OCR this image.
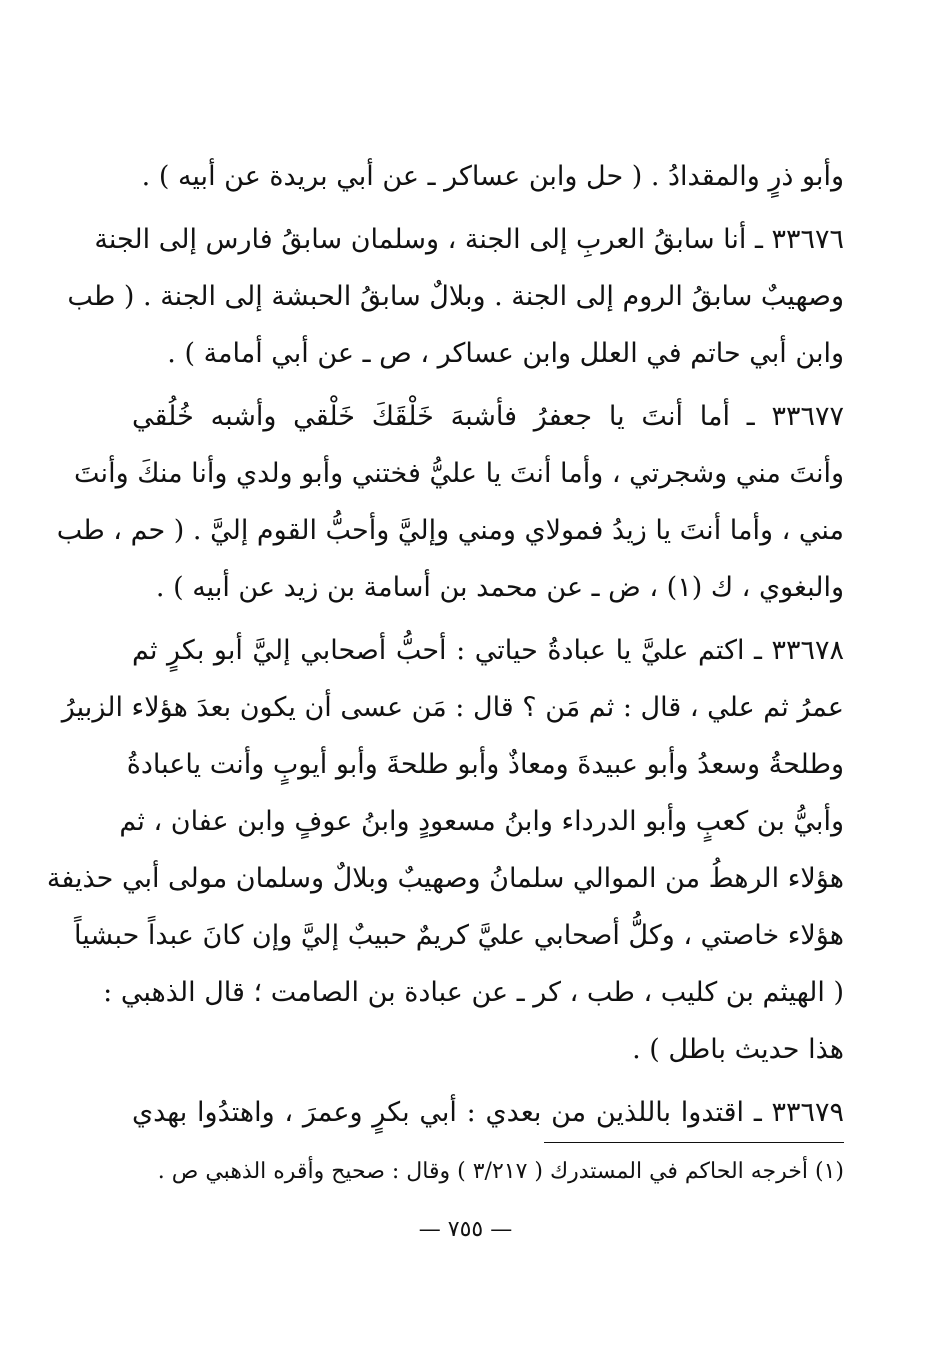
وأبو ذرٍ والمقدادُ . ( حل وابن عساكر ـ عن أبي بريدة عن أبيه ) .
٣٣٦٧٦ ـ أنا سابقُ العربِ إلى الجنة ، وسلمان سابقُ فارس إلى الجنة
وصهيبٌ سابقُ الروم إلى الجنة . وبلالٌ سابقُ الحبشة إلى الجنة . ( طب
وابن أبي حاتم في العلل وابن عساكر ، ص ـ عن أبي أمامة ) .
٣٣٦٧٧ ـ أما أنتَ يا جعفرُ فأشبهَ خَلْقَكَ خَلْقي وأشبه خُلُقي
وأنتَ مني وشجرتي ، وأما أنتَ يا عليُّ فختني وأبو ولدي وأنا منكَ وأنتَ
مني ، وأما أنتَ يا زيدُ فمولاي ومني وإليَّ وأحبُّ القوم إليَّ . ( حم ، طب
والبغوي ، ك (١) ، ض ـ عن محمد بن أسامة بن زيد عن أبيه ) .
٣٣٦٧٨ ـ اكتم عليَّ يا عبادةُ حياتي : أحبُّ أصحابي إليَّ أبو بكرٍ ثم
عمرُ ثم علي ، قال : ثم مَن ؟ قال : مَن عسى أن يكون بعدَ هؤلاء الزبيرُ
وطلحةُ وسعدُ وأبو عبيدةَ ومعاذٌ وأبو طلحةَ وأبو أيوبٍ وأنت ياعبادةُ
وأبيُّ بن كعبٍ وأبو الدرداء وابنُ مسعودٍ وابنُ عوفٍ وابن عفان ، ثم
هؤلاء الرهطُ من الموالي سلمانُ وصهيبٌ وبلالٌ وسلمان مولى أبي حذيفة
هؤلاء خاصتي ، وكلُّ أصحابي عليَّ كريمٌ حبيبٌ إليَّ وإن كانَ عبداً حبشياً
( الهيثم بن كليب ، طب ، كر ـ عن عبادة بن الصامت ؛ قال الذهبي :
هذا حديث باطل ) .
٣٣٦٧٩ ـ اقتدوا باللذين من بعدي : أبي بكرٍ وعمرَ ، واهتدُوا بهدي
(١) أخرجه الحاكم في المستدرك ( ٣/٢١٧ ) وقال : صحيح وأقره الذهبي ص .
— ٧٥٥ —
